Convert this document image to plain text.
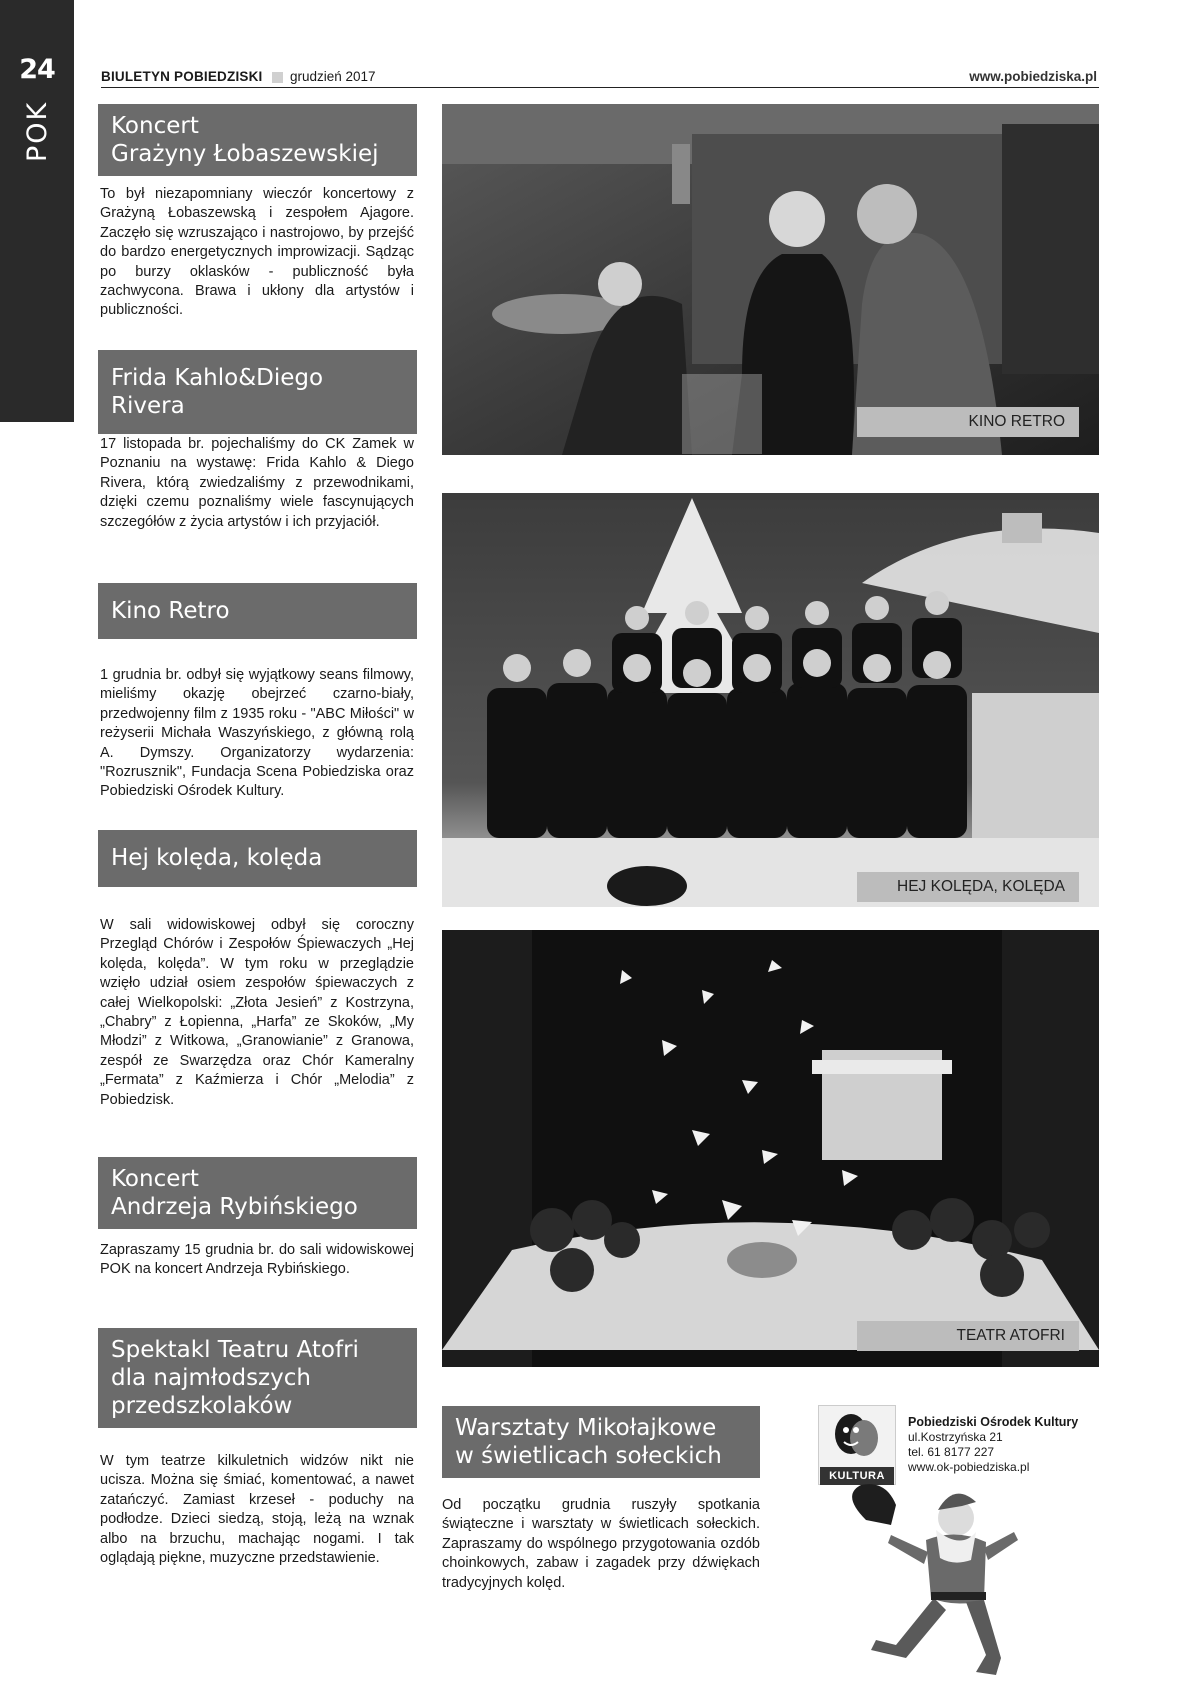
24
POK
BIULETYN POBIEDZISKI grudzień 2017	www.pobiedziska.pl
Koncert
Grażyny Łobaszewskiej
To był niezapomniany wieczór koncertowy z Grażyną Łobaszewską i zespołem Ajagore. Zaczęło się wzruszająco i nastrojowo, by przejść do bardzo energetycznych improwizacji. Sądząc po burzy oklasków - publiczność była zachwycona. Brawa i ukłony dla artystów i publiczności.
Frida Kahlo&Diego Rivera
17 listopada br. pojechaliśmy do CK Zamek w Poznaniu na wystawę: Frida Kahlo & Diego Rivera, którą zwiedzaliśmy z przewodnikami, dzięki czemu poznaliśmy wiele fascynujących szczegółów z życia artystów i ich przyjaciół.
Kino Retro
1 grudnia br. odbył się wyjątkowy seans filmowy, mieliśmy okazję obejrzeć czarno-biały, przedwojenny film z 1935 roku - "ABC Miłości" w reżyserii Michała Waszyńskiego, z główną rolą A. Dymszy. Organizatorzy wydarzenia: "Rozrusznik", Fundacja Scena Pobiedziska oraz Pobiedziski Ośrodek Kultury.
Hej kolęda, kolęda
W sali widowiskowej odbył się coroczny Przegląd Chórów i Zespołów Śpiewaczych „Hej kolęda, kolęda”. W tym roku w przeglądzie wzięło udział osiem zespołów śpiewaczych z całej Wielkopolski: „Złota Jesień” z Kostrzyna, „Chabry” z Łopienna, „Harfa” ze Skoków, „My Młodzi” z Witkowa, „Granowianie” z Granowa, zespół ze Swarzędza oraz Chór Kameralny „Fermata” z Kaźmierza i Chór „Melodia” z Pobiedzisk.
Koncert
Andrzeja Rybińskiego
Zapraszamy 15 grudnia br. do sali widowiskowej POK na koncert Andrzeja Rybińskiego.
Spektakl Teatru Atofri
dla najmłodszych
przedszkolaków
W tym teatrze kilkuletnich widzów nikt nie ucisza. Można się śmiać, komentować, a nawet zatańczyć. Zamiast krzeseł - poduchy na podłodze. Dzieci siedzą, stoją, leżą na wznak albo na brzuchu, machając nogami. I tak oglądają piękne, muzyczne przedstawienie.
Warsztaty Mikołajkowe
w świetlicach sołeckich
Od początku grudnia ruszyły spotkania świąteczne i warsztaty w świetlicach sołeckich. Zapraszamy do wspólnego przygotowania ozdób choinkowych, zabaw i zagadek przy dźwiękach tradycyjnych kolęd.
KINO RETRO
HEJ KOLĘDA, KOLĘDA
TEATR ATOFRI
KULTURA
Pobiedziski Ośrodek Kultury
ul.Kostrzyńska 21
tel. 61 8177 227
www.ok-pobiedziska.pl
